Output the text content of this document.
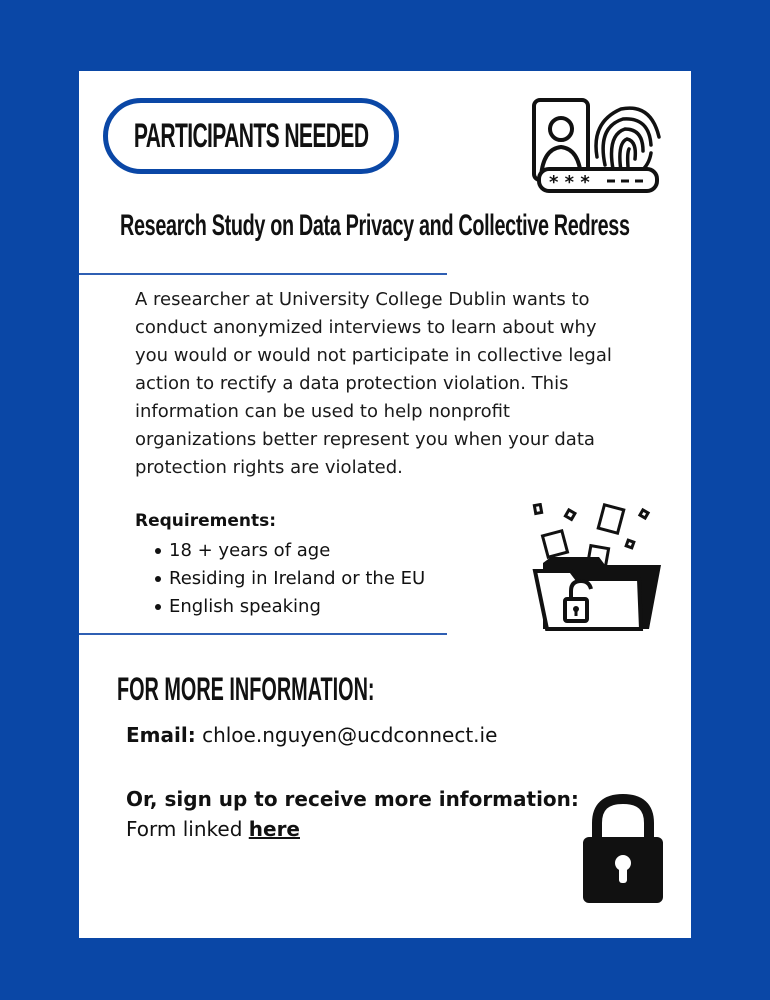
PARTICIPANTS NEEDED
* * *
Research Study on Data Privacy and Collective Redress
A researcher at University College Dublin wants to conduct anonymized interviews to learn about why you would or would not participate in collective legal action to rectify a data protection violation. This information can be used to help nonprofit organizations better represent you when your data protection rights are violated.
Requirements:
18 + years of age
Residing in Ireland or the EU
English speaking
FOR MORE INFORMATION:
Email: chloe.nguyen@ucdconnect.ie
Or, sign up to receive more information:
Form linked here
